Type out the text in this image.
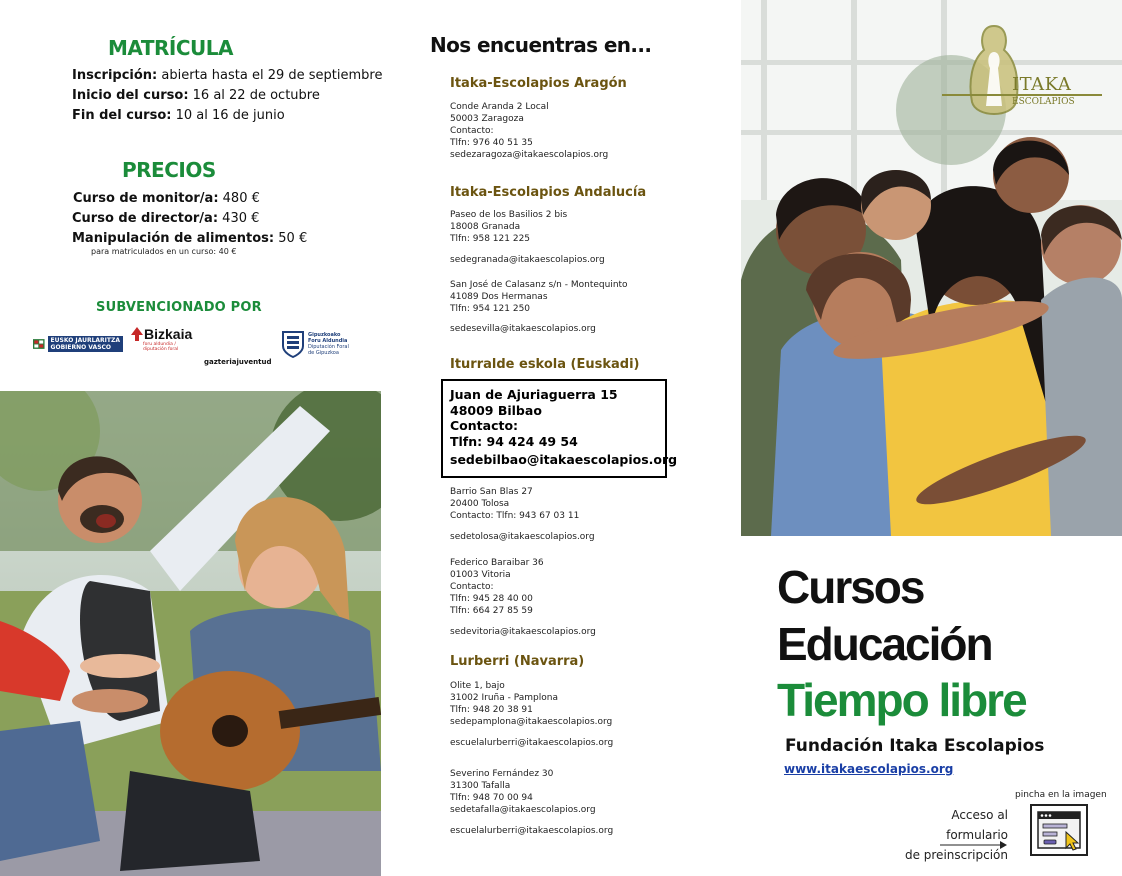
MATRÍCULA
Inscripción: abierta hasta el 29 de septiembre
Inicio del curso: 16 al 22 de octubre
Fin del curso: 10 al 16 de junio
PRECIOS
Curso de monitor/a: 480 €
Curso de director/a: 430 €
Manipulación de alimentos: 50 €
para matriculados en un curso: 40 €
SUBVENCIONADO POR
EUSKO JAURLARITZA
GOBIERNO VASCO
Bizkaia
foru aldundia / diputación foral
gazteria juventud
Gipuzkoako
Foru Aldundia
Diputación Foral
de Gipuzkoa
Nos encuentras en...
Itaka-Escolapios Aragón
Conde Aranda 2 Local
50003 Zaragoza
Contacto:
Tlfn: 976 40 51 35
sedezaragoza@itakaescolapios.org
Itaka-Escolapios Andalucía
Paseo de los Basilios 2 bis
18008 Granada
Tlfn: 958 121 225
sedegranada@itakaescolapios.org
San José de Calasanz s/n - Montequinto
41089 Dos Hermanas
Tlfn: 954 121 250
sedesevilla@itakaescolapios.org
Iturralde eskola (Euskadi)
Juan de Ajuriaguerra 15
48009 Bilbao
Contacto:
Tlfn: 94 424 49 54
sedebilbao@itakaescolapios.org
Barrio San Blas 27
20400 Tolosa
Contacto: Tlfn: 943 67 03 11
sedetolosa@itakaescolapios.org
Federico Baraibar 36
01003 Vitoria
Contacto:
Tlfn: 945 28 40 00
Tlfn: 664 27 85 59
sedevitoria@itakaescolapios.org
Lurberri (Navarra)
Olite 1, bajo
31002 Iruña - Pamplona
Tlfn: 948 20 38 91
sedepamplona@itakaescolapios.org
escuelalurberri@itakaescolapios.org
Severino Fernández 30
31300 Tafalla
Tlfn: 948 70 00 94
sedetafalla@itakaescolapios.org
escuelalurberri@itakaescolapios.org
ITAKA
ESCOLAPIOS
Cursos
Educación
Tiempo libre
Fundación Itaka Escolapios
www.itakaescolapios.org
pincha en la imagen
Acceso al formulario
de preinscripción
